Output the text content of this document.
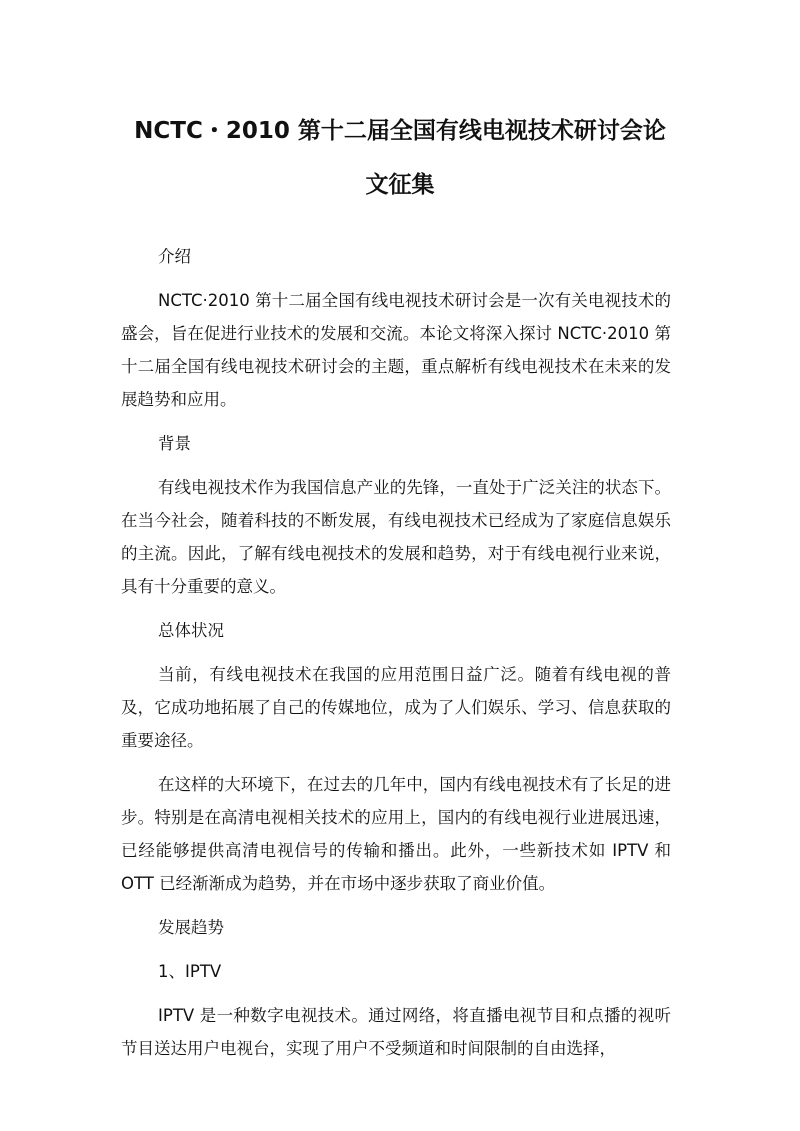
NCTC・2010 第十二届全国有线电视技术研讨会论
文征集

介绍

NCTC·2010 第十二届全国有线电视技术研讨会是一次有关电视技术的盛会，旨在促进行业技术的发展和交流。本论文将深入探讨 NCTC·2010 第十二届全国有线电视技术研讨会的主题，重点解析有线电视技术在未来的发展趋势和应用。

背景

有线电视技术作为我国信息产业的先锋，一直处于广泛关注的状态下。在当今社会，随着科技的不断发展，有线电视技术已经成为了家庭信息娱乐的主流。因此，了解有线电视技术的发展和趋势，对于有线电视行业来说，具有十分重要的意义。

总体状况

当前，有线电视技术在我国的应用范围日益广泛。随着有线电视的普及，它成功地拓展了自己的传媒地位，成为了人们娱乐、学习、信息获取的重要途径。

在这样的大环境下，在过去的几年中，国内有线电视技术有了长足的进步。特别是在高清电视相关技术的应用上，国内的有线电视行业进展迅速，已经能够提供高清电视信号的传输和播出。此外，一些新技术如 IPTV 和 OTT 已经渐渐成为趋势，并在市场中逐步获取了商业价值。

发展趋势

1、IPTV

IPTV 是一种数字电视技术。通过网络，将直播电视节目和点播的视听节目送达用户电视台，实现了用户不受频道和时间限制的自由选择，
